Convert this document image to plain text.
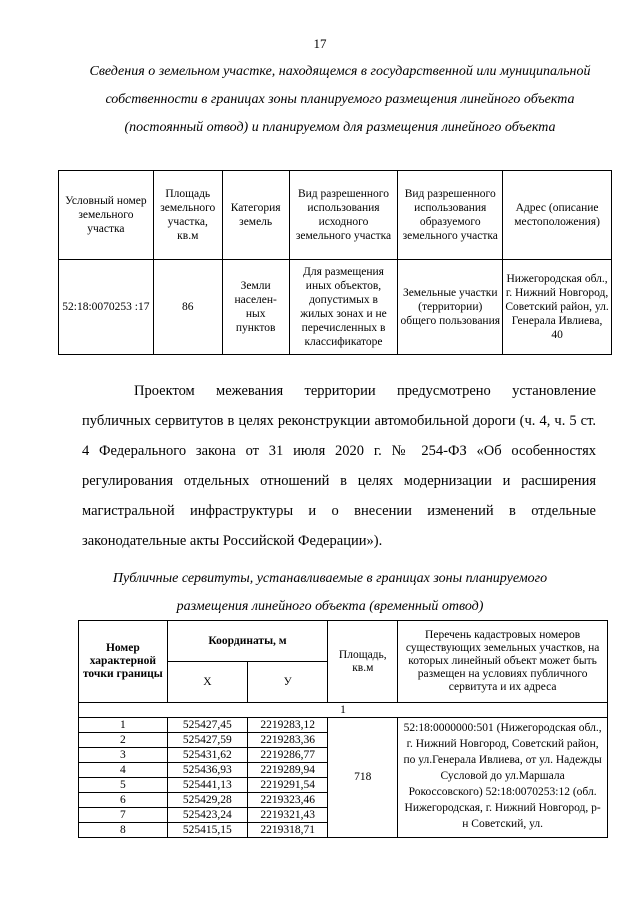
17
Сведения о земельном участке, находящемся в государственной или муниципальной собственности в границах зоны планируемого размещения линейного объекта (постоянный отвод) и планируемом для размещения линейного объекта
Условный номер земельного участка	Площадь земельного участка, кв.м	Категория земель	Вид разрешенного использования исходного земельного участка	Вид разрешенного использования образуемого земельного участка	Адрес (описание местоположения)
52:18:0070253 :17	86	Земли населен-ных пунктов	Для размещения иных объектов, допустимых в жилых зонах и не перечисленных в классификаторе	Земельные участки (территории) общего пользования	Нижегородская обл., г. Нижний Новгород, Советский район, ул. Генерала Ивлиева, 40
Проектом межевания территории предусмотрено установление публичных сервитутов в целях реконструкции автомобильной дороги (ч. 4, ч. 5 ст. 4 Федерального закона от 31 июля 2020 г. № 254-ФЗ «Об особенностях регулирования отдельных отношений в целях модернизации и расширения магистральной инфраструктуры и о внесении изменений в отдельные законодательные акты Российской Федерации»).
Публичные сервитуты, устанавливаемые в границах зоны планируемого размещения линейного объекта (временный отвод)
Номер характерной точки границы	Координаты, м		Площадь, кв.м	Перечень кадастровых номеров существующих земельных участков, на которых линейный объект может быть размещен на условиях публичного сервитута и их адреса
	Х	У		
1				
1	525427,45	2219283,12	718	52:18:0000000:501 (Нижегородская обл., г. Нижний Новгород, Советский район, по ул.Генерала Ивлиева, от ул. Надежды Сусловой до ул.Маршала Рокоссовского) 52:18:0070253:12 (обл. Нижегородская, г. Нижний Новгород, р-н Советский, ул.
2	525427,59	2219283,36		
3	525431,62	2219286,77		
4	525436,93	2219289,94		
5	525441,13	2219291,54		
6	525429,28	2219323,46		
7	525423,24	2219321,43		
8	525415,15	2219318,71		
